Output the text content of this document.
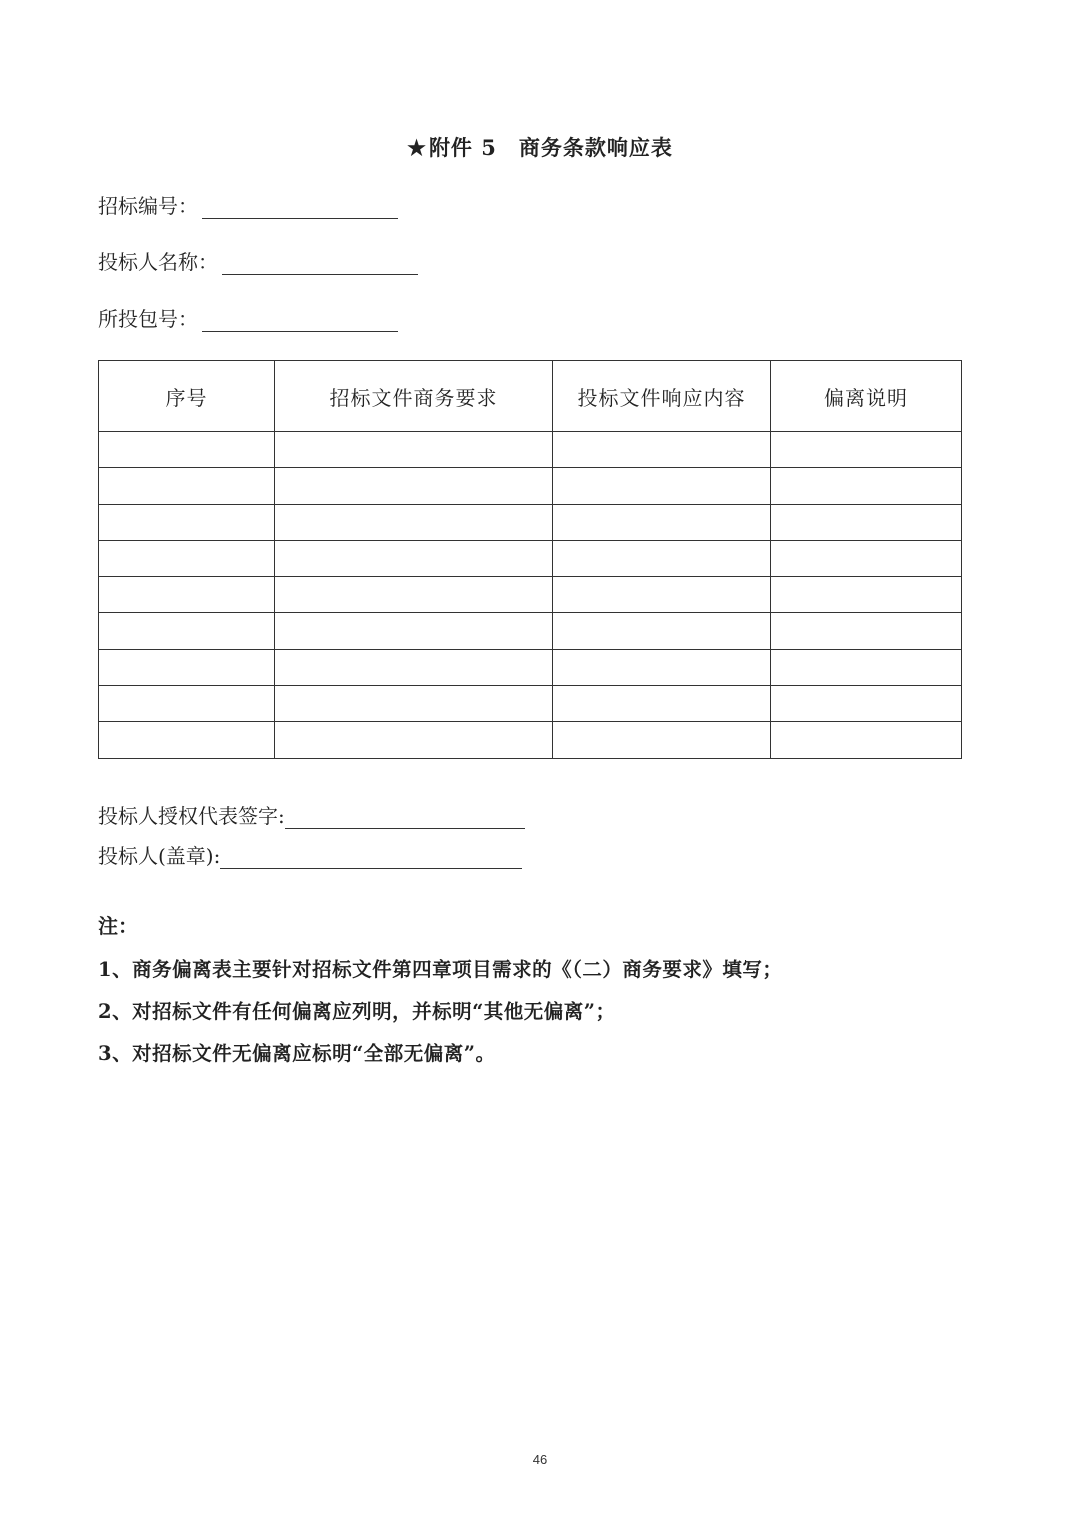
★附件 5 商务条款响应表
招标编号：
投标人名称：
所投包号：
序号	招标文件商务要求	投标文件响应内容	偏离说明

投标人授权代表签字:
投标人(盖章):
注：
1、商务偏离表主要针对招标文件第四章项目需求的《（二）商务要求》填写；
2、对招标文件有任何偏离应列明，并标明“其他无偏离”；
3、对招标文件无偏离应标明“全部无偏离”。
46
